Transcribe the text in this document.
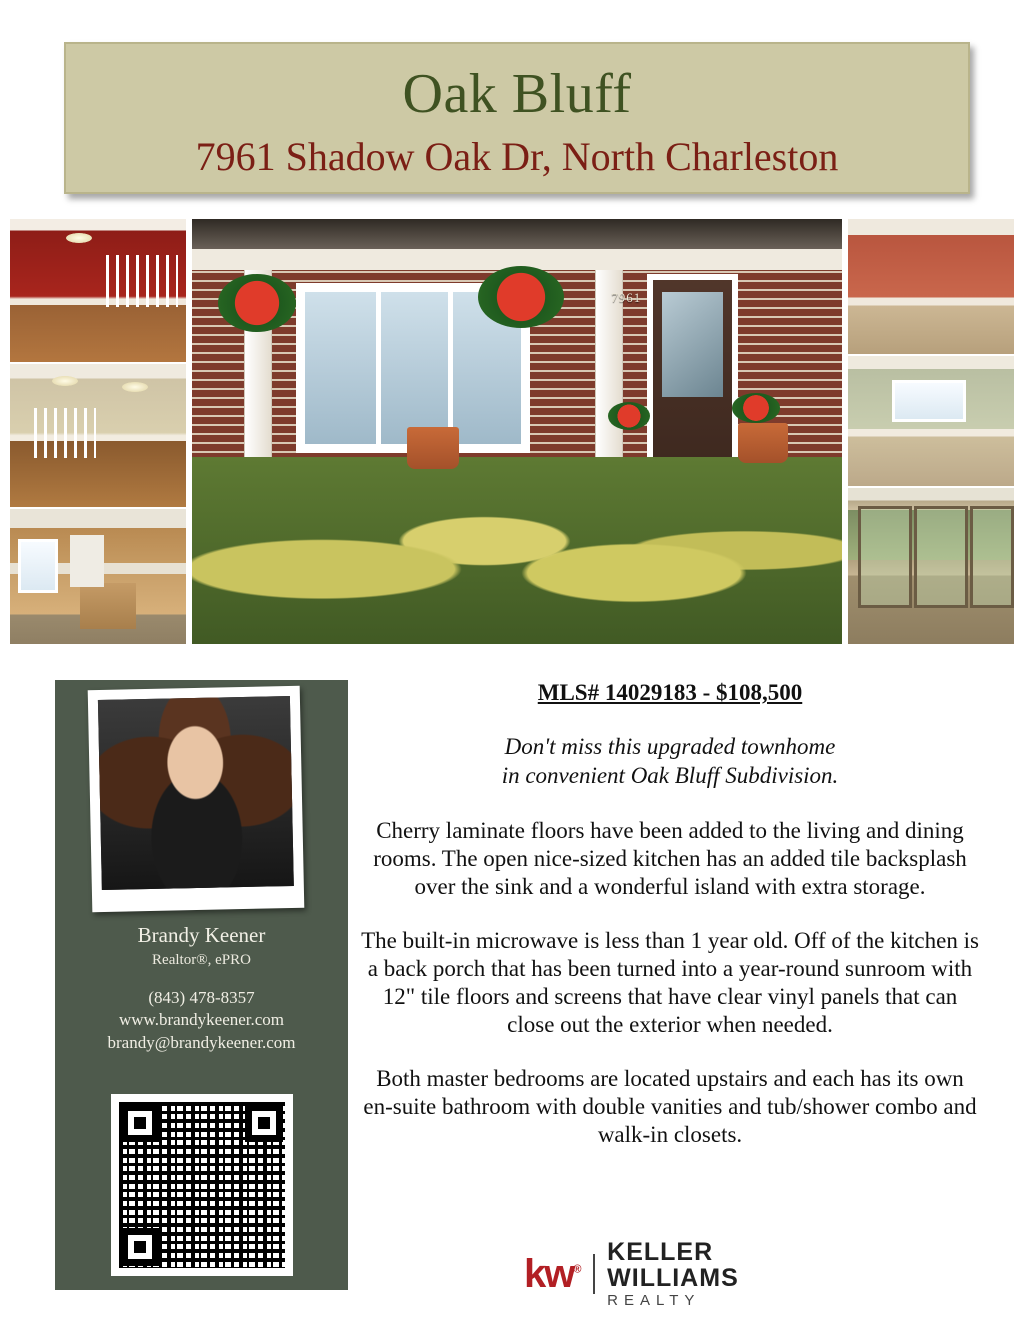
Oak Bluff
7961 Shadow Oak Dr, North Charleston
7961
Brandy Keener
Realtor®, ePRO
(843) 478-8357
www.brandykeener.com
brandy@brandykeener.com
MLS# 14029183 - $108,500
Don't miss this upgraded townhome
in convenient Oak Bluff Subdivision.
Cherry laminate floors have been added to the living and dining rooms. The open nice-sized kitchen has an added tile backsplash over the sink and a wonderful island with extra storage.
The built-in microwave is less than 1 year old. Off of the kitchen is a back porch that has been turned into a year-round sunroom with 12" tile floors and screens that have clear vinyl panels that can close out the exterior when needed.
Both master bedrooms are located upstairs and each has its own en-suite bathroom with double vanities and tub/shower combo and walk-in closets.
kw®
KELLER WILLIAMS
REALTY
